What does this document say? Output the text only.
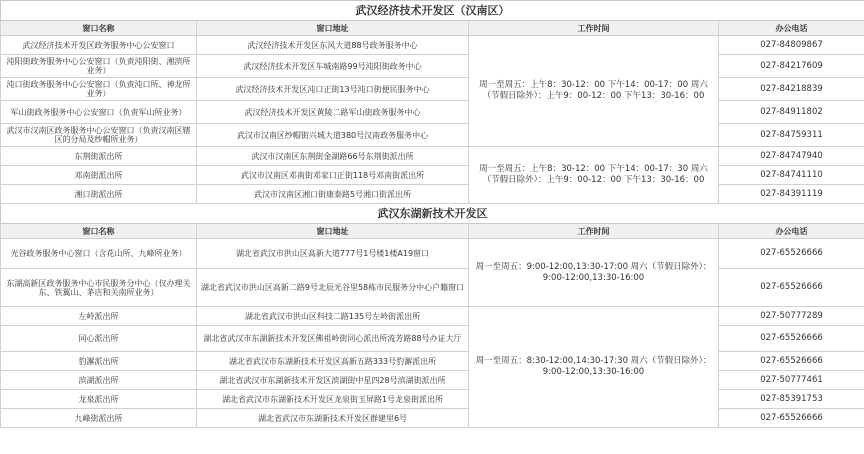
武汉经济技术开发区（汉南区）			
窗口名称	窗口地址	工作时间	办公电话
武汉经济技术开发区政务服务中心公安窗口	武汉经济技术开发区东风大道88号政务服务中心	周一至周五：上午8：30-12：00 下午14：00-17：00 周六（节假日除外）：上午9：00-12：00 下午13：30-16：00	027-84809867
沌阳街政务服务中心公安窗口（负责沌阳街、湘滨所业务）	武汉经济技术开发区车城南路99号沌阳街政务中心		027-84217609
沌口街政务服务中心公安窗口（负责沌口所、神龙所业务）	武汉经济技术开发区沌口正街13号沌口街便民服务中心		027-84218839
军山街政务服务中心公安窗口（负责军山所业务）	武汉经济技术开发区黄陵二路军山街政务服务中心		027-84911802
武汉市汉南区政务服务中心公安窗口（负责汉南区辖区的分局及纱帽所业务）	武汉市汉南区纱帽街兴城大道380号汉南政务服务中心		027-84759311
东荆街派出所	武汉市汉南区东荆街金湖路66号东荆街派出所	周一至周五：上午8：30-12：00 下午14：00-17：30 周六（节假日除外）：上午9：00-12：00 下午13：30-16：00	027-84747940
邓南街派出所	武汉市汉南区邓南街邓家口正街118号邓南街派出所		027-84741110
湘口街派出所	武汉市汉南区湘口街康泰路5号湘口街派出所		027-84391119
武汉东湖新技术开发区			
窗口名称	窗口地址	工作时间	办公电话
光谷政务服务中心窗口（含花山所、九峰所业务）	湖北省武汉市洪山区高新大道777号1号楼1楼A19窗口	周一至周五：9:00-12:00,13:30-17:00 周六（节假日除外）：9:00-12:00,13:30-16:00	027-65526666
东湖高新区政务服务中心市民服务分中心（仅办理关东、铁翼山、茅店和关南所业务）	湖北省武汉市洪山区高新二路9号北辰光谷里58栋市民服务分中心户籍窗口		027-65526666
左岭派出所	湖北省武汉市洪山区科技二路135号左岭街派出所	周一至周五：8:30-12:00,14:30-17:30 周六（节假日除外）：9:00-12:00,13:30-16:00	027-50777289
同心派出所	湖北省武汉市东湖新技术开发区佛祖岭街同心派出所流芳路88号办证大厅		027-65526666
豹澥派出所	湖北省武汉市东湖新技术开发区高新五路333号豹澥派出所		027-65526666
滨湖派出所	湖北省武汉市东湖新技术开发区滨湖街中星四28号滨湖街派出所		027-50777461
龙泉派出所	湖北省武汉市东湖新技术开发区龙泉街玉屏路1号龙泉街派出所		027-85391753
九峰街派出所	湖北省武汉市东湖新技术开发区群建里6号		027-65526666
